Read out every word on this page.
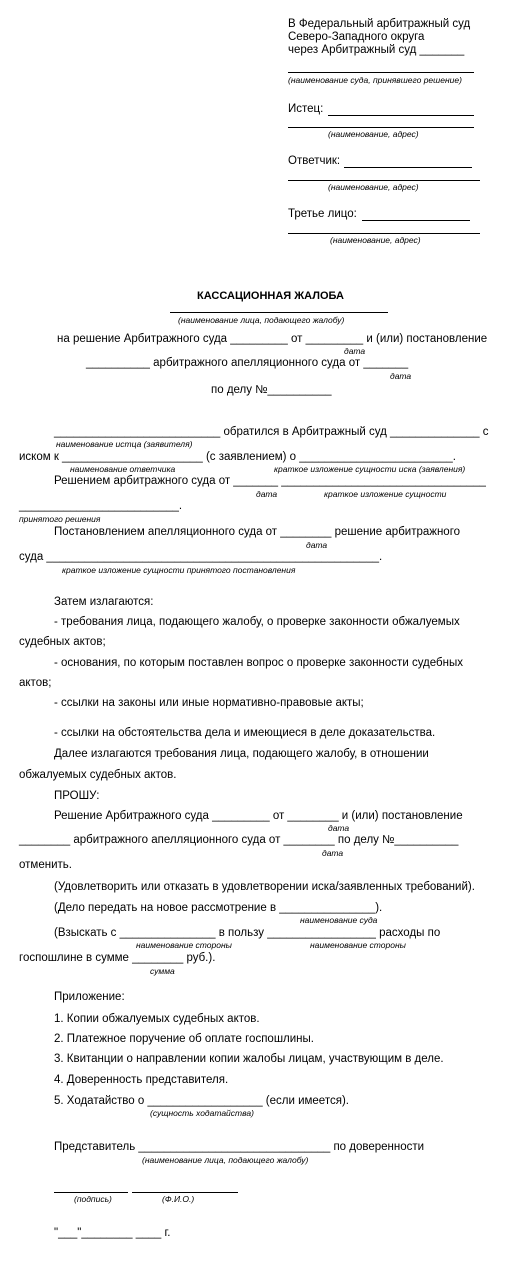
В Федеральный арбитражный суд
Северо-Западного округа
через Арбитражный суд _______
(наименование суда, принявшего решение)
Истец:
(наименование, адрес)
Ответчик:
(наименование, адрес)
Третье лицо:
(наименование, адрес)
КАССАЦИОННАЯ ЖАЛОБА
(наименование лица, подающего жалобу)
на решение Арбитражного суда _________ от _________ и (или) постановление
дата
__________ арбитражного апелляционного суда от _______
дата
по делу №__________
__________________________ обратился в Арбитражный суд ______________ с
наименование истца (заявителя)
иском к ______________________ (с заявлением) о ________________________.
наименование ответчика	краткое изложение сущности иска (заявления)
Решением арбитражного суда от _______ ________________________________
дата	краткое изложение сущности
_________________________.
принятого решения
Постановлением апелляционного суда от ________ решение арбитражного
дата
суда ____________________________________________________.
краткое изложение сущности принятого постановления
Затем излагаются:
- требования лица, подающего жалобу, о проверке законности обжалуемых
судебных актов;
- основания, по которым поставлен вопрос о проверке законности судебных
актов;
- ссылки на законы или иные нормативно-правовые акты;
- ссылки на обстоятельства дела и имеющиеся в деле доказательства.
Далее излагаются требования лица, подающего жалобу, в отношении
обжалуемых судебных актов.
ПРОШУ:
Решение Арбитражного суда _________ от ________ и (или) постановление
дата
________ арбитражного апелляционного суда от ________ по делу №__________
дата
отменить.
(Удовлетворить или отказать в удовлетворении иска/заявленных требований).
(Дело передать на новое рассмотрение в _______________).
наименование суда
(Взыскать с _______________ в пользу _________________ расходы по
наименование стороны	наименование стороны
госпошлине в сумме ________ руб.).
сумма
Приложение:
1. Копии обжалуемых судебных актов.
2. Платежное поручение об оплате госпошлины.
3. Квитанции о направлении копии жалобы лицам, участвующим в деле.
4. Доверенность представителя.
5. Ходатайство о __________________ (если имеется).
(сущность ходатайства)
Представитель ______________________________ по доверенности
(наименование лица, подающего жалобу)
(подпись)	(Ф.И.О.)
"___"________ ____ г.
